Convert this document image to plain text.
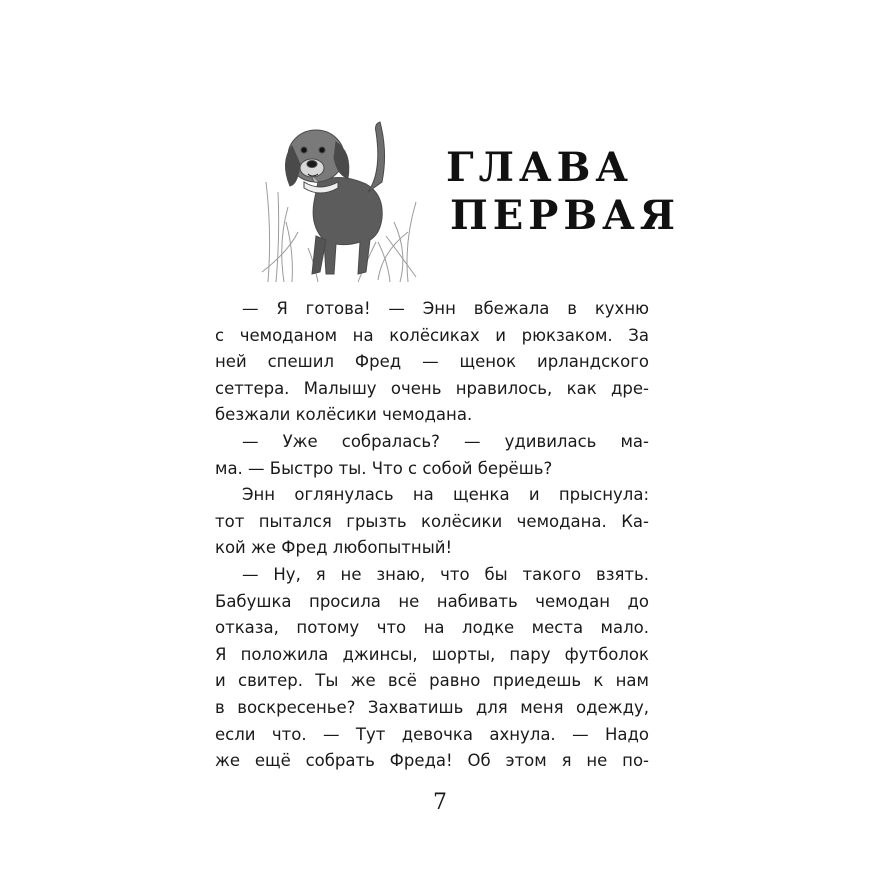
ГЛАВА
ПЕРВАЯ
— Я готова! — Энн вбежала в кухню
с чемоданом на колёсиках и рюкзаком. За
ней спешил Фред — щенок ирландского
сеттера. Малышу очень нравилось, как дре-
безжали колёсики чемодана.
— Уже собралась? — удивилась ма-
ма. — Быстро ты. Что с собой берёшь?
Энн оглянулась на щенка и прыснула:
тот пытался грызть колёсики чемодана. Ка-
кой же Фред любопытный!
— Ну, я не знаю, что бы такого взять.
Бабушка просила не набивать чемодан до
отказа, потому что на лодке места мало.
Я положила джинсы, шорты, пару футболок
и свитер. Ты же всё равно приедешь к нам
в воскресенье? Захватишь для меня одежду,
если что. — Тут девочка ахнула. — Надо
же ещё собрать Фреда! Об этом я не по-
7
